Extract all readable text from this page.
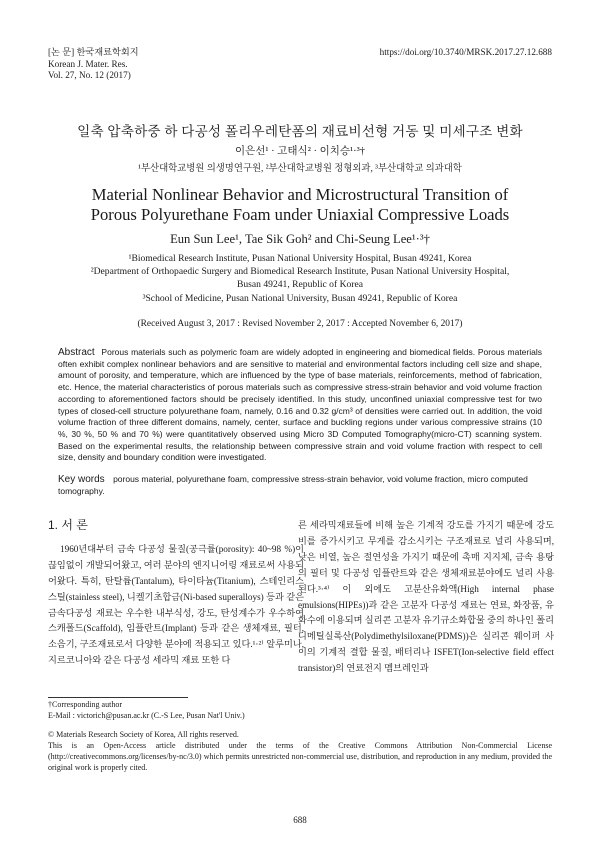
[논 문] 한국재료학회지
Korean J. Mater. Res.
Vol. 27, No. 12 (2017)
https://doi.org/10.3740/MRSK.2017.27.12.688
일축 압축하중 하 다공성 폴리우레탄폼의 재료비선형 거동 및 미세구조 변화
이은선¹ · 고태식² · 이치승¹·³†
¹부산대학교병원 의생명연구원, ²부산대학교병원 정형외과, ³부산대학교 의과대학
Material Nonlinear Behavior and Microstructural Transition of
Porous Polyurethane Foam under Uniaxial Compressive Loads
Eun Sun Lee¹, Tae Sik Goh² and Chi-Seung Lee¹·³†
¹Biomedical Research Institute, Pusan National University Hospital, Busan 49241, Korea
²Department of Orthopaedic Surgery and Biomedical Research Institute, Pusan National University Hospital,
Busan 49241, Republic of Korea
³School of Medicine, Pusan National University, Busan 49241, Republic of Korea
(Received August 3, 2017 : Revised November 2, 2017 : Accepted November 6, 2017)
Abstract Porous materials such as polymeric foam are widely adopted in engineering and biomedical fields. Porous materials often exhibit complex nonlinear behaviors and are sensitive to material and environmental factors including cell size and shape, amount of porosity, and temperature, which are influenced by the type of base materials, reinforcements, method of fabrication, etc. Hence, the material characteristics of porous materials such as compressive stress-strain behavior and void volume fraction according to aforementioned factors should be precisely identified. In this study, unconfined uniaxial compressive test for two types of closed-cell structure polyurethane foam, namely, 0.16 and 0.32 g/cm³ of densities were carried out. In addition, the void volume fraction of three different domains, namely, center, surface and buckling regions under various compressive strains (10 %, 30 %, 50 % and 70 %) were quantitatively observed using Micro 3D Computed Tomography(micro-CT) scanning system. Based on the experimental results, the relationship between compressive strain and void volume fraction with respect to cell size, density and boundary condition were investigated.
Key words porous material, polyurethane foam, compressive stress-strain behavior, void volume fraction, micro computed tomography.
1. 서 론

1960년대부터 금속 다공성 물질(공극률(porosity): 40~98 %)이 끊임없이 개발되어왔고, 여러 분야의 엔지니어링 재료로써 사용되어왔다. 특히, 탄탈륨(Tantalum), 타이타늄(Titanium), 스테인리스스틸(stainless steel), 니켈기초합금(Ni-based superalloys) 등과 같은 금속다공성 재료는 우수한 내부식성, 강도, 탄성계수가 우수하여 스캐폴드(Scaffold), 임플란트(Implant) 등과 같은 생체재료, 필터, 소음기, 구조재료로서 다양한 분야에 적용되고 있다.¹·²⁾ 알루미나, 지르코니아와 같은 다공성 세라믹 재료 또한 다

른 세라믹재료들에 비해 높은 기계적 강도를 가지기 때문에 강도 비를 증가시키고 무게를 감소시키는 구조재료로 널리 사용되며, 낮은 비열, 높은 절연성을 가지기 때문에 촉매 지지체, 금속 용탕의 필터 및 다공성 임플란트와 같은 생체재료분야에도 널리 사용된다.³·⁴⁾ 이 외에도 고분산유화액(High internal phase emulsions(HIPEs))과 같은 고분자 다공성 재료는 연료, 화장품, 유화수에 이용되며 실리콘 고분자 유기규소화합물 중의 하나인 폴리디메틸실록산(Polydimethylsiloxane(PDMS))은 실리콘 웨이퍼 사이의 기계적 결합 물질, 배터리나 ISFET(Ion-selective field effect transistor)의 연료전지 멤브레인과

†Corresponding author
E-Mail : victorich@pusan.ac.kr (C.-S Lee, Pusan Nat'l Univ.)
© Materials Research Society of Korea, All rights reserved.
This is an Open-Access article distributed under the terms of the Creative Commons Attribution Non-Commercial License (http://creativecommons.org/licenses/by-nc/3.0) which permits unrestricted non-commercial use, distribution, and reproduction in any medium, provided the original work is properly cited.
688
